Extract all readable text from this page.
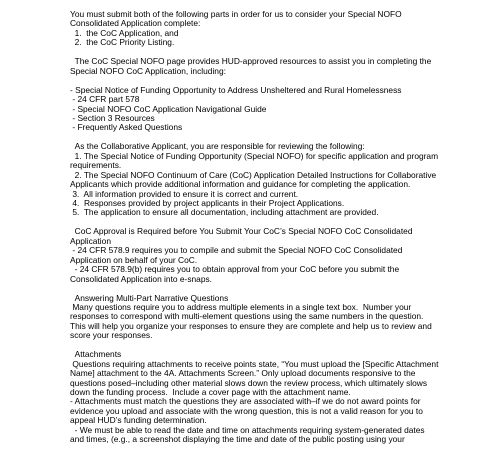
You must submit both of the following parts in order for us to consider your Special NOFO Consolidated Application complete:

1.  the CoC Application, and

2.  the CoC Priority Listing.

The CoC Special NOFO page provides HUD-approved resources to assist you in completing the Special NOFO CoC Application, including:

- Special Notice of Funding Opportunity to Address Unsheltered and Rural Homelessness

- 24 CFR part 578

- Special NOFO CoC Application Navigational Guide

- Section 3 Resources

- Frequently Asked Questions

As the Collaborative Applicant, you are responsible for reviewing the following:

1. The Special Notice of Funding Opportunity (Special NOFO) for specific application and program requirements.

2. The Special NOFO Continuum of Care (CoC) Application Detailed Instructions for Collaborative Applicants which provide additional information and guidance for completing the application.

3.  All information provided to ensure it is correct and current.

4.  Responses provided by project applicants in their Project Applications.

5.  The application to ensure all documentation, including attachment are provided.

CoC Approval is Required before You Submit Your CoC’s Special NOFO CoC Consolidated Application

- 24 CFR 578.9 requires you to compile and submit the Special NOFO CoC Consolidated Application on behalf of your CoC.

- 24 CFR 578.9(b) requires you to obtain approval from your CoC before you submit the Consolidated Application into e-snaps.

Answering Multi-Part Narrative Questions

Many questions require you to address multiple elements in a single text box.  Number your responses to correspond with multi-element questions using the same numbers in the question. This will help you organize your responses to ensure they are complete and help us to review and score your responses.

Attachments

Questions requiring attachments to receive points state, “You must upload the [Specific Attachment Name] attachment to the 4A. Attachments Screen.” Only upload documents responsive to the questions posed–including other material slows down the review process, which ultimately slows down the funding process.  Include a cover page with the attachment name.

- Attachments must match the questions they are associated with–if we do not award points for evidence you upload and associate with the wrong question, this is not a valid reason for you to appeal HUD’s funding determination.

- We must be able to read the date and time on attachments requiring system-generated dates and times, (e.g., a screenshot displaying the time and date of the public posting using your
